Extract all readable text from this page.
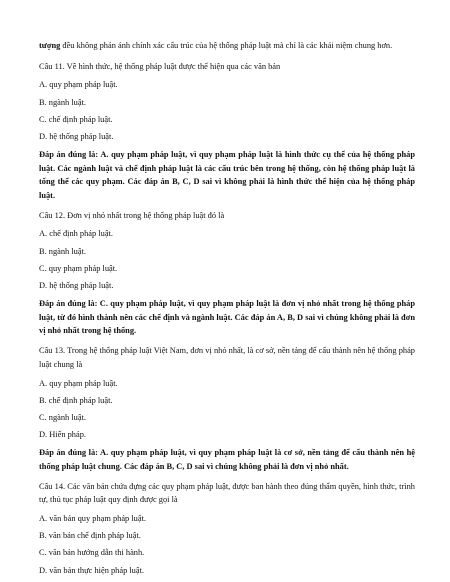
tượng đều không phản ánh chính xác cấu trúc của hệ thống pháp luật mà chỉ là các khái niệm chung hơn.

Câu 11. Về hình thức, hệ thống pháp luật được thể hiện qua các văn bản

A. quy phạm pháp luật.

B. ngành luật.

C. chế định pháp luật.

D. hệ thống pháp luật.

Đáp án đúng là: A. quy phạm pháp luật, vì quy phạm pháp luật là hình thức cụ thể của hệ thống pháp luật. Các ngành luật và chế định pháp luật là các cấu trúc bên trong hệ thống, còn hệ thống pháp luật là tổng thể các quy phạm. Các đáp án B, C, D sai vì không phải là hình thức thể hiện của hệ thống pháp luật.

Câu 12. Đơn vị nhỏ nhất trong hệ thống pháp luật đó là

A. chế định pháp luật.

B. ngành luật.

C. quy phạm pháp luật.

D. hệ thống pháp luật.

Đáp án đúng là: C. quy phạm pháp luật, vì quy phạm pháp luật là đơn vị nhỏ nhất trong hệ thống pháp luật, từ đó hình thành nên các chế định và ngành luật. Các đáp án A, B, D sai vì chúng không phải là đơn vị nhỏ nhất trong hệ thống.

Câu 13. Trong hệ thống pháp luật Việt Nam, đơn vị nhỏ nhất, là cơ sở, nền tảng để cấu thành nên hệ thống pháp luật chung là

A. quy phạm pháp luật.

B. chế định pháp luật.

C. ngành luật.

D. Hiến pháp.

Đáp án đúng là: A. quy phạm pháp luật, vì quy phạm pháp luật là cơ sở, nền tảng để cấu thành nên hệ thống pháp luật chung. Các đáp án B, C, D sai vì chúng không phải là đơn vị nhỏ nhất.

Câu 14. Các văn bản chứa đựng các quy phạm pháp luật, được ban hành theo đúng thẩm quyền, hình thức, trình tự, thủ tục pháp luật quy định được gọi là

A. văn bản quy phạm pháp luật.

B. văn bản chế định pháp luật.

C. văn bản hướng dẫn thi hành.

D. văn bản thực hiện pháp luật.
